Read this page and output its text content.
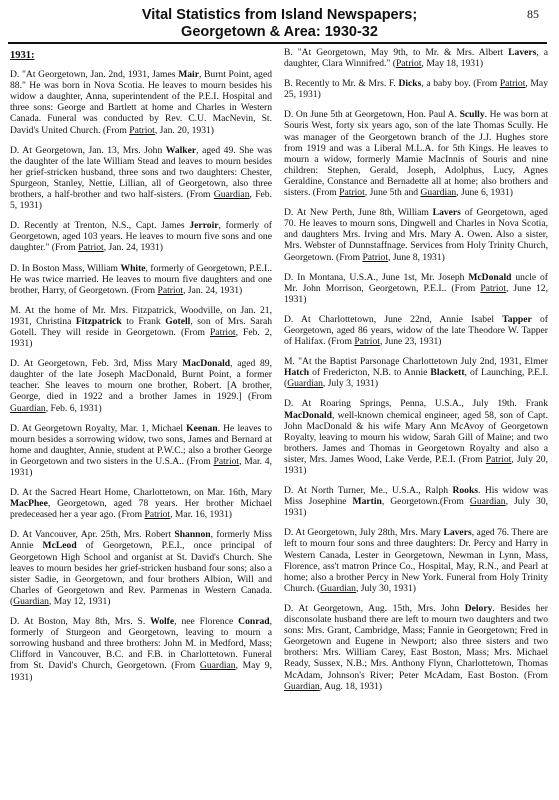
85
Vital Statistics from Island Newspapers;
Georgetown & Area: 1930-32
1931:

D. "At Georgetown, Jan. 2nd, 1931, James Mair, Burnt Point, aged 88." He was born in Nova Scotia. He leaves to mourn besides his widow a daughter, Anna, superintendent of the P.E.I. Hospital and three sons: George and Bartlett at home and Charles in Western Canada. Funeral was conducted by Rev. C.U. MacNevin, St. David's United Church. (From Patriot, Jan. 20, 1931)

D. At Georgetown, Jan. 13, Mrs. John Walker, aged 49. She was the daughter of the late William Stead and leaves to mourn besides her grief-stricken husband, three sons and two daughters: Chester, Spurgeon, Stanley, Nettie, Lillian, all of Georgetown, also three brothers, a half-brother and two half-sisters. (From Guardian, Feb. 5, 1931)

D. Recently at Trenton, N.S., Capt. James Jerroir, formerly of Georgetown, aged 103 years. He leaves to mourn five sons and one daughter." (From Patriot, Jan. 24, 1931)

D. In Boston Mass, William White, formerly of Georgetown, P.E.I.. He was twice married. He leaves to mourn five daughters and one brother, Harry, of Georgetown. (From Patriot, Jan. 24, 1931)

M. At the home of Mr. Mrs. Fitzpatrick, Woodville, on Jan. 21, 1931, Christina Fitzpatrick to Frank Gotell, son of Mrs. Sarah Gotell. They will reside in Georgetown. (From Patriot, Feb. 2, 1931)

D. At Georgetown, Feb. 3rd, Miss Mary MacDonald, aged 89, daughter of the late Joseph MacDonald, Burnt Point, a former teacher. She leaves to mourn one brother, Robert. [A brother, George, died in 1922 and a brother James in 1929.] (From Guardian, Feb. 6, 1931)

D. At Georgetown Royalty, Mar. 1, Michael Keenan. He leaves to mourn besides a sorrowing widow, two sons, James and Bernard at home and daughter, Annie, student at P.W.C.; also a brother George in Georgetown and two sisters in the U.S.A.. (From Patriot, Mar. 4, 1931)

D. At the Sacred Heart Home, Charlottetown, on Mar. 16th, Mary MacPhee, Georgetown, aged 78 years. Her brother Michael predeceased her a year ago. (From Patriot, Mar. 16, 1931)

D. At Vancouver, Apr. 25th, Mrs. Robert Shannon, formerly Miss Annie McLeod of Georgetown, P.E.I., once principal of Georgetown High School and organist at St. David's Church. She leaves to mourn besides her grief-stricken husband four sons; also a sister Sadie, in Georgetown, and four brothers Albion, Will and Charles of Georgetown and Rev. Parmenas in Western Canada. (Guardian, May 12, 1931)

D. At Boston, May 8th, Mrs. S. Wolfe, nee Florence Conrad, formerly of Sturgeon and Georgetown, leaving to mourn a sorrowing husband and three brothers: John M. in Medford, Mass; Clifford in Vancouver, B.C. and F.B. in Charlottetown. Funeral from St. David's Church, Georgetown. (From Guardian, May 9, 1931)

B. "At Georgetown, May 9th, to Mr. & Mrs. Albert Lavers, a daughter, Clara Winnifred." (Patriot, May 18, 1931)

B. Recently to Mr. & Mrs. F. Dicks, a baby boy. (From Patriot, May 25, 1931)

D. On June 5th at Georgetown, Hon. Paul A. Scully. He was born at Souris West, forty six years ago, son of the late Thomas Scully. He was manager of the Georgetown branch of the J.J. Hughes store from 1919 and was a Liberal M.L.A. for 5th Kings. He leaves to mourn a widow, formerly Mamie MacInnis of Souris and nine children: Stephen, Gerald, Joseph, Adolphus, Lucy, Agnes Geraldine, Constance and Bernadette all at home; also brothers and sisters. (From Patriot, June 5th and Guardian, June 6, 1931)

D. At New Perth, June 8th, William Lavers of Georgetown, aged 70. He leaves to mourn sons, Dingwell and Charles in Nova Scotia, and daughters Mrs. Irving and Mrs. Mary A. Owen. Also a sister, Mrs. Webster of Dunnstaffnage. Services from Holy Trinity Church, Georgetown. (From Patriot, June 8, 1931)

D. In Montana, U.S.A., June 1st, Mr. Joseph McDonald uncle of Mr. John Morrison, Georgetown, P.E.I.. (From Patriot, June 12, 1931)

D. At Charlottetown, June 22nd, Annie Isabel Tapper of Georgetown, aged 86 years, widow of the late Theodore W. Tapper of Halifax. (From Patriot, June 23, 1931)

M. "At the Baptist Parsonage Charlottetown July 2nd, 1931, Elmer Hatch of Fredericton, N.B. to Annie Blackett, of Launching, P.E.I. (Guardian, July 3, 1931)

D. At Roaring Springs, Penna, U.S.A., July 19th. Frank MacDonald, well-known chemical engineer, aged 58, son of Capt. John MacDonald & his wife Mary Ann McAvoy of Georgetown Royalty, leaving to mourn his widow, Sarah Gill of Maine; and two brothers. James and Thomas in Georgetown Royalty and also a sister, Mrs. James Wood, Lake Verde, P.E.I. (From Patriot, July 20, 1931)

D. At North Turner, Me., U.S.A., Ralph Rooks. His widow was Miss Josephine Martin, Georgetown.(From Guardian, July 30, 1931)

D. At Georgetown, July 28th, Mrs. Mary Lavers, aged 76. There are left to mourn four sons and three daughters: Dr. Percy and Harry in Western Canada, Lester in Georgetown, Newman in Lynn, Mass, Florence, ass't matron Prince Co., Hospital, May, R.N., and Pearl at home; also a brother Percy in New York. Funeral from Holy Trinity Church. (Guardian, July 30, 1931)

D. At Georgetown, Aug. 15th, Mrs. John Delory. Besides her disconsolate husband there are left to mourn two daughters and two sons: Mrs. Grant, Cambridge, Mass; Fannie in Georgetown; Fred in Georgetown and Eugene in Newport; also three sisters and two brothers: Mrs. William Carey, East Boston, Mass; Mrs. Michael Ready, Sussex, N.B.; Mrs. Anthony Flynn, Charlottetown, Thomas McAdam, Johnson's River; Peter McAdam, East Boston. (From Guardian, Aug. 18, 1931)
